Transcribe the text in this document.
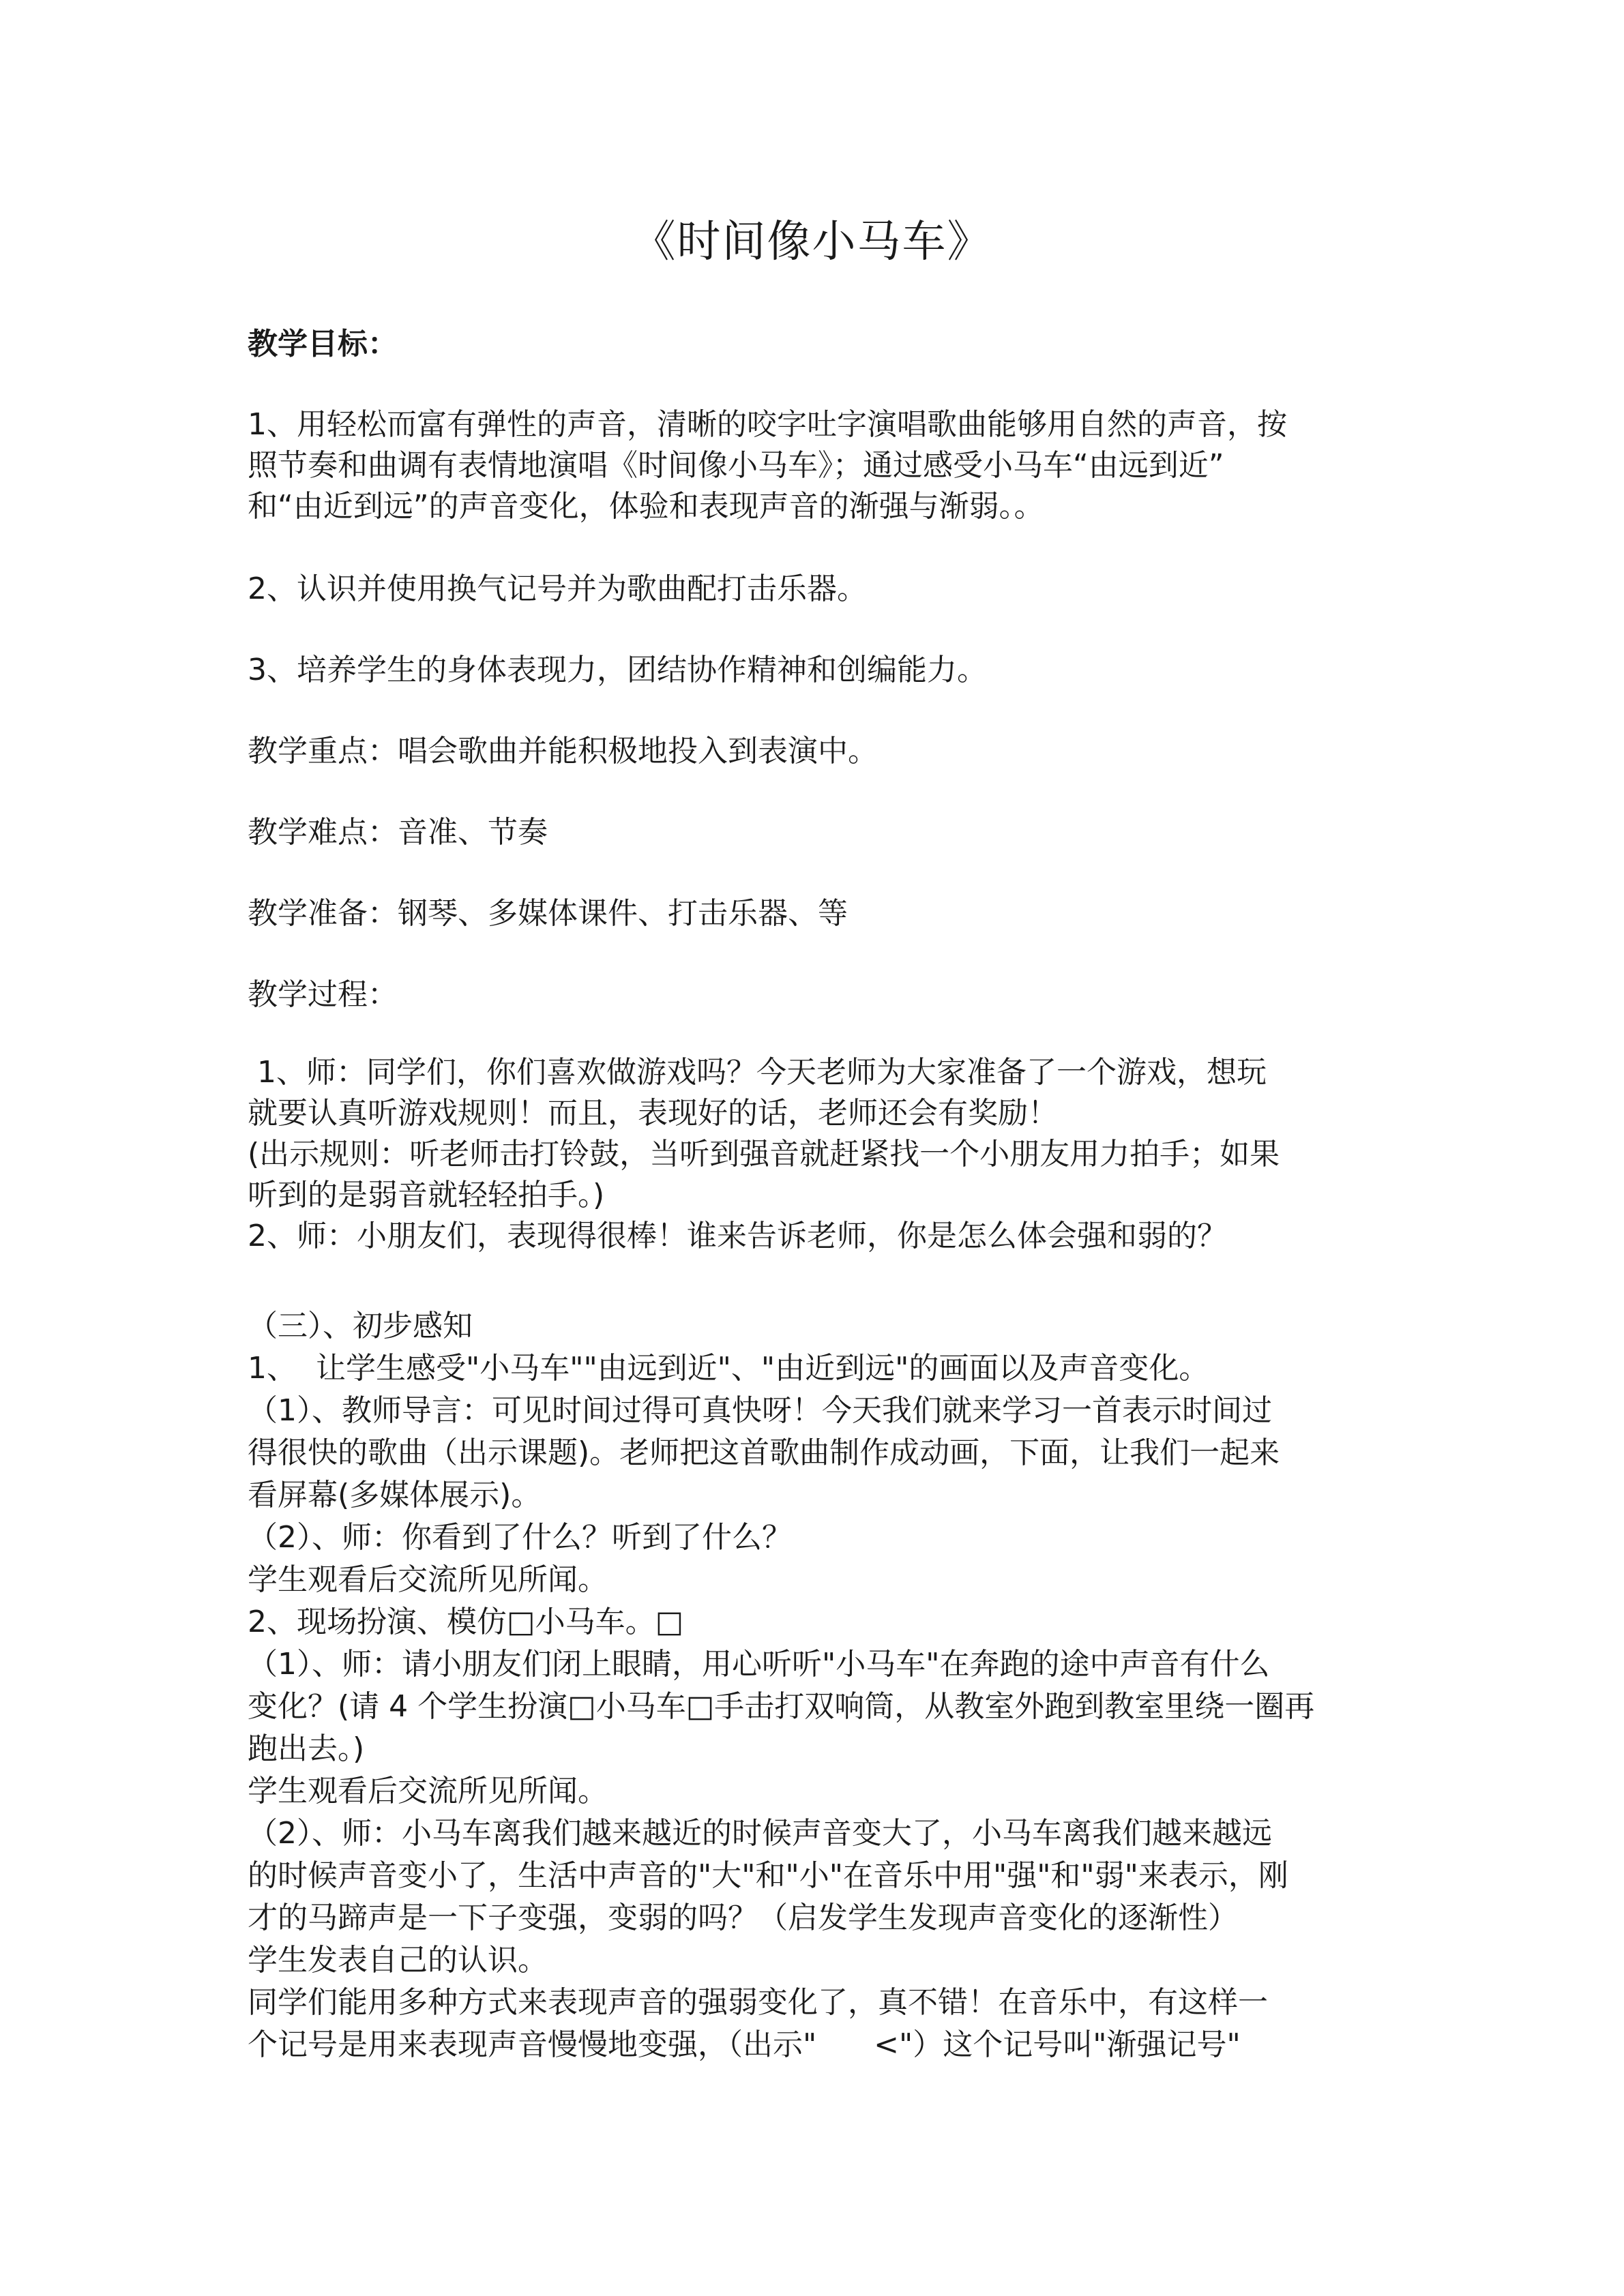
《时间像小马车》
教学目标：
1、用轻松而富有弹性的声音，清晰的咬字吐字演唱歌曲能够用自然的声音，按
照节奏和曲调有表情地演唱《时间像小马车》；通过感受小马车“由远到近”
和“由近到远”的声音变化，体验和表现声音的渐强与渐弱。。
2、认识并使用换气记号并为歌曲配打击乐器。
3、培养学生的身体表现力，团结协作精神和创编能力。
教学重点：唱会歌曲并能积极地投入到表演中。
教学难点：音准、节奏
教学准备：钢琴、多媒体课件、打击乐器、等
教学过程：
1、师：同学们，你们喜欢做游戏吗？今天老师为大家准备了一个游戏，想玩
就要认真听游戏规则！而且，表现好的话，老师还会有奖励！
(出示规则：听老师击打铃鼓，当听到强音就赶紧找一个小朋友用力拍手；如果
听到的是弱音就轻轻拍手。)
2、师：小朋友们，表现得很棒！谁来告诉老师，你是怎么体会强和弱的？
（三）、初步感知
1、  让学生感受"小马车""由远到近"、"由近到远"的画面以及声音变化。
（1）、教师导言：可见时间过得可真快呀！今天我们就来学习一首表示时间过
得很快的歌曲（出示课题)。老师把这首歌曲制作成动画，下面，让我们一起来
看屏幕(多媒体展示)。
（2）、师：你看到了什么？听到了什么？
学生观看后交流所见所闻。
2、现场扮演、模仿□小马车。□
（1）、师：请小朋友们闭上眼睛，用心听听"小马车"在奔跑的途中声音有什么
变化？(请 4 个学生扮演□小马车□手击打双响筒，从教室外跑到教室里绕一圈再
跑出去。)
学生观看后交流所见所闻。
（2）、师：小马车离我们越来越近的时候声音变大了，小马车离我们越来越远
的时候声音变小了，生活中声音的"大"和"小"在音乐中用"强"和"弱"来表示，刚
才的马蹄声是一下子变强，变弱的吗？（启发学生发现声音变化的逐渐性）
学生发表自己的认识。
同学们能用多种方式来表现声音的强弱变化了，真不错！在音乐中，有这样一
个记号是用来表现声音慢慢地变强，（出示"      <"）这个记号叫"渐强记号"
